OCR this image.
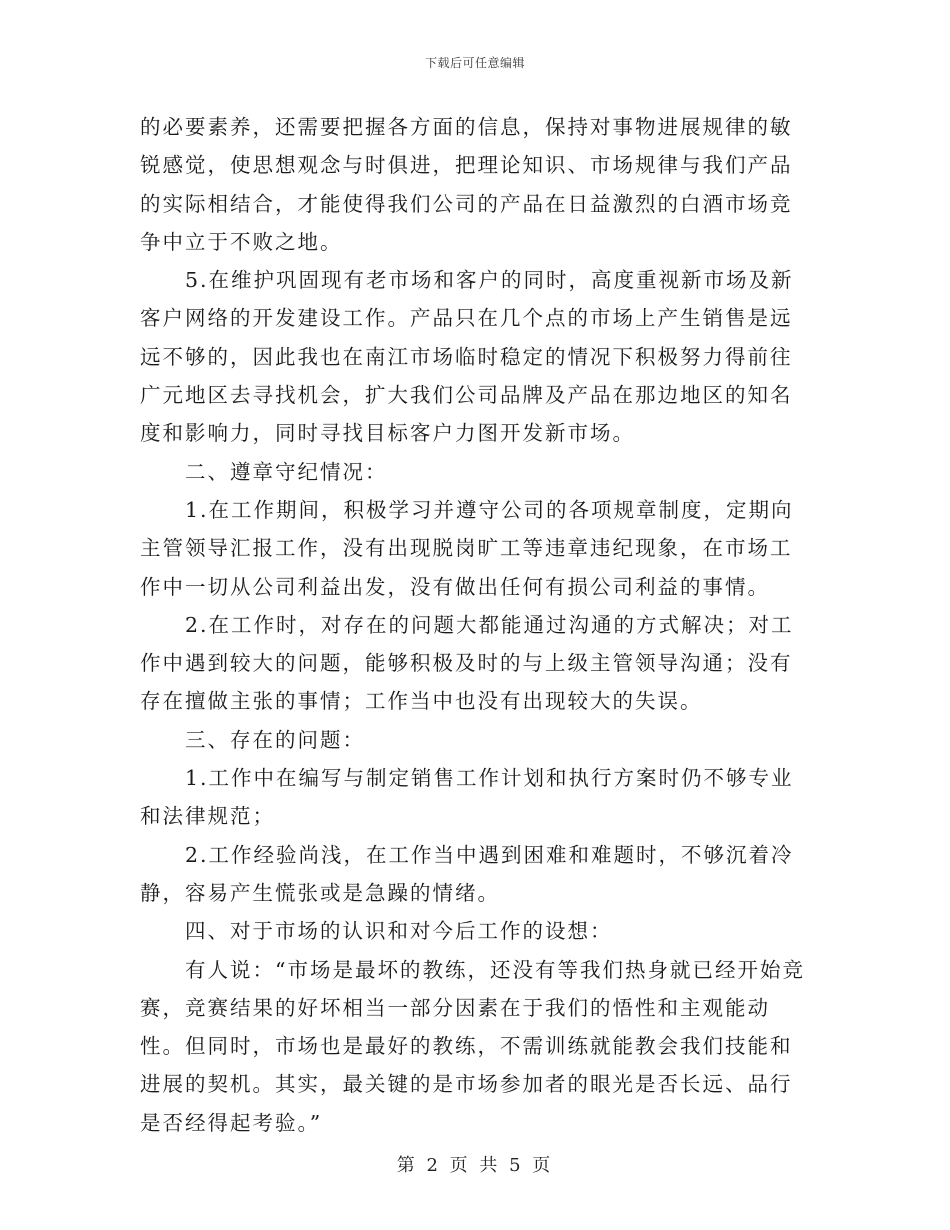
下载后可任意编辑

的必要素养，还需要把握各方面的信息，保持对事物进展规律的敏锐感觉，使思想观念与时俱进，把理论知识、市场规律与我们产品的实际相结合，才能使得我们公司的产品在日益激烈的白酒市场竞争中立于不败之地。

5.在维护巩固现有老市场和客户的同时，高度重视新市场及新客户网络的开发建设工作。产品只在几个点的市场上产生销售是远远不够的，因此我也在南江市场临时稳定的情况下积极努力得前往广元地区去寻找机会，扩大我们公司品牌及产品在那边地区的知名度和影响力，同时寻找目标客户力图开发新市场。

二、遵章守纪情况：

1.在工作期间，积极学习并遵守公司的各项规章制度，定期向主管领导汇报工作，没有出现脱岗旷工等违章违纪现象，在市场工作中一切从公司利益出发，没有做出任何有损公司利益的事情。

2.在工作时，对存在的问题大都能通过沟通的方式解决；对工作中遇到较大的问题，能够积极及时的与上级主管领导沟通；没有存在擅做主张的事情；工作当中也没有出现较大的失误。

三、存在的问题：

1.工作中在编写与制定销售工作计划和执行方案时仍不够专业和法律规范；

2.工作经验尚浅，在工作当中遇到困难和难题时，不够沉着冷静，容易产生慌张或是急躁的情绪。

四、对于市场的认识和对今后工作的设想：

有人说：“市场是最坏的教练，还没有等我们热身就已经开始竞赛，竞赛结果的好坏相当一部分因素在于我们的悟性和主观能动性。但同时，市场也是最好的教练，不需训练就能教会我们技能和进展的契机。其实，最关键的是市场参加者的眼光是否长远、品行是否经得起考验。”

第 2 页 共 5 页
